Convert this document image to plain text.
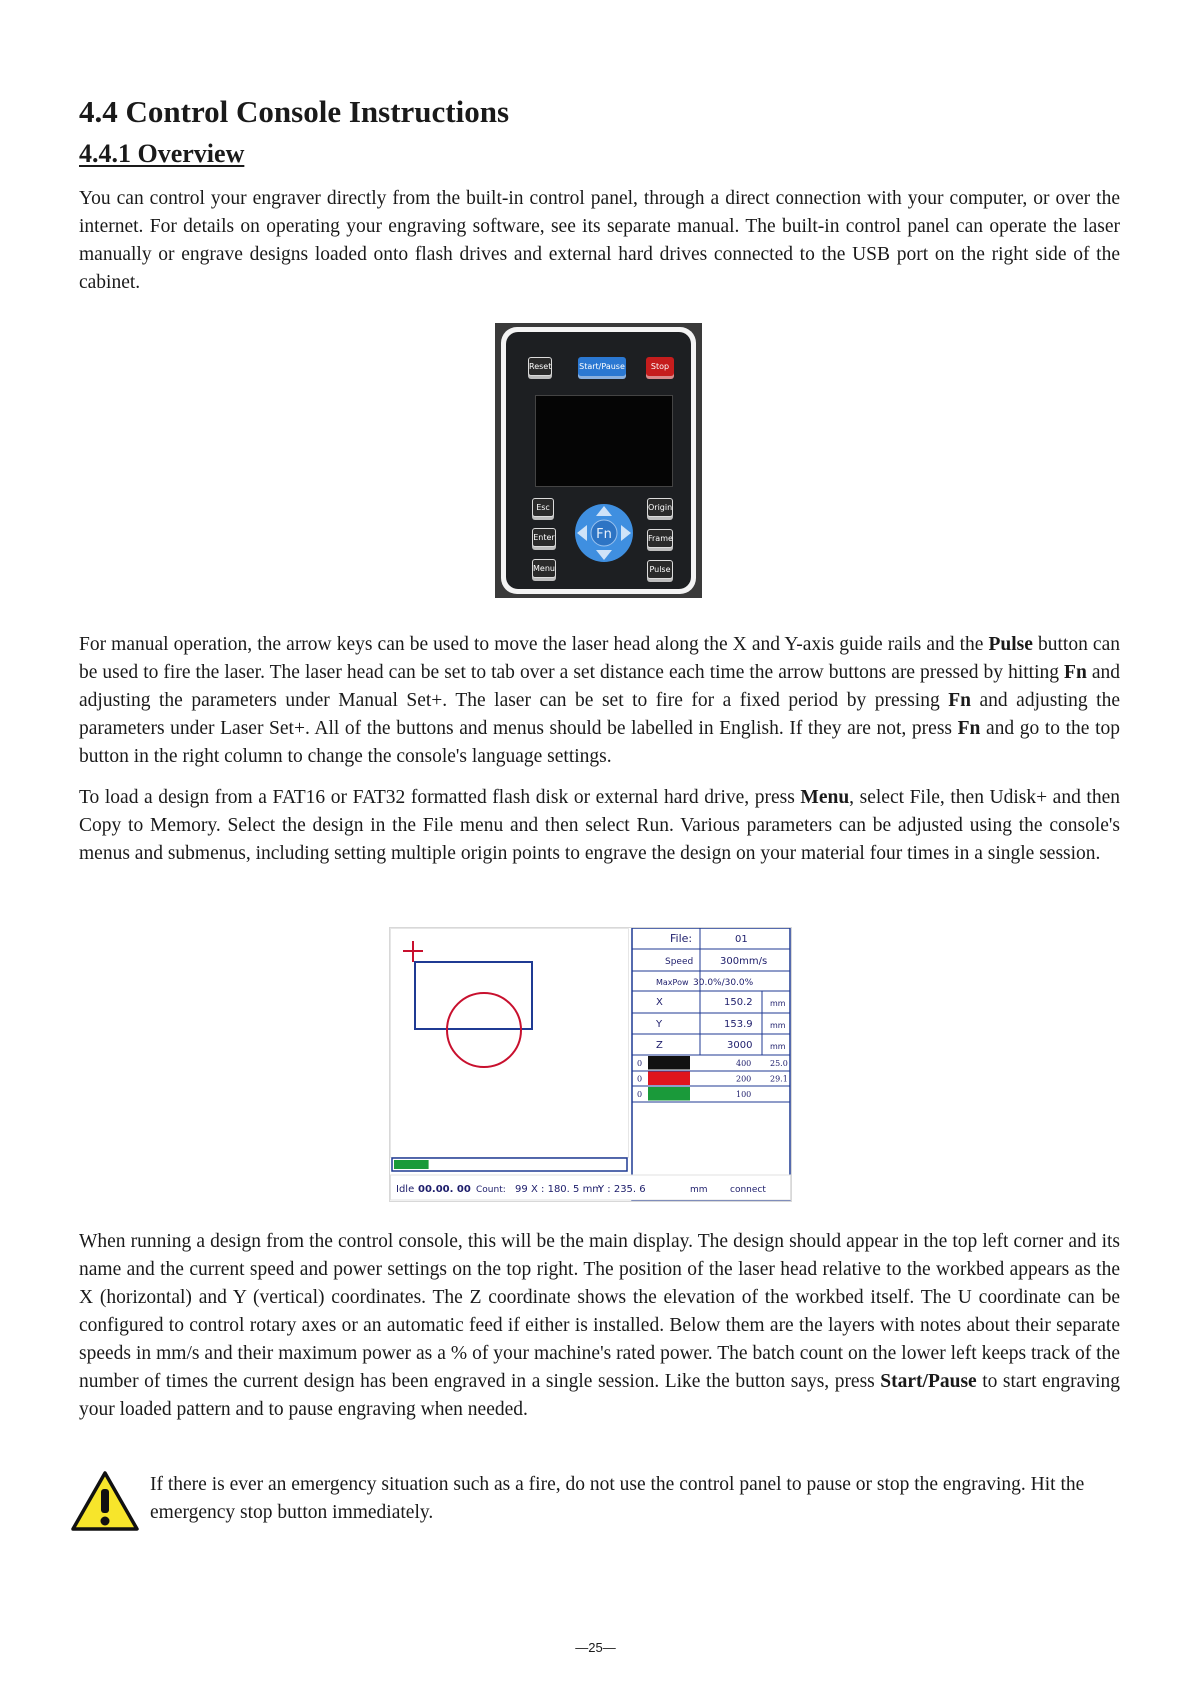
4.4 Control Console Instructions
4.4.1 Overview

You can control your engraver directly from the built-in control panel, through a direct connection with your computer, or over the internet. For details on operating your engraving software, see its separate manual. The built-in control panel can operate the laser manually or engrave designs loaded onto flash drives and external hard drives connected to the USB port on the right side of the cabinet.

Reset	Start/Pause	Stop
Esc
Enter
Menu
Origin
Frame
Pulse
Fn

For manual operation, the arrow keys can be used to move the laser head along the X and Y-axis guide rails and the Pulse button can be used to fire the laser. The laser head can be set to tab over a set distance each time the arrow buttons are pressed by hitting Fn and adjusting the parameters under Manual Set+. The laser can be set to fire for a fixed period by pressing Fn and adjusting the parameters under Laser Set+. All of the buttons and menus should be labelled in English. If they are not, press Fn and go to the top button in the right column to change the console's language settings.

To load a design from a FAT16 or FAT32 formatted flash disk or external hard drive, press Menu, select File, then Udisk+ and then Copy to Memory. Select the design in the File menu and then select Run. Various parameters can be adjusted using the console's menus and submenus, including setting multiple origin points to engrave the design on your material four times in a single session.

File:	01
Speed	300mm/s
MaxPow 30.0%/30.0%
X	150.2 mm
Y	153.9 mm
Z	3000 mm
0	400 25.0
0	200 29.1
0	100
Idle 00.00. 00 Count: 99 X : 180. 5 mm
Y : 235. 6	mm connect

When running a design from the control console, this will be the main display. The design should appear in the top left corner and its name and the current speed and power settings on the top right. The position of the laser head relative to the workbed appears as the X (horizontal) and Y (vertical) coordinates. The Z coordinate shows the elevation of the workbed itself. The U coordinate can be configured to control rotary axes or an automatic feed if either is installed. Below them are the layers with notes about their separate speeds in mm/s and their maximum power as a % of your machine's rated power. The batch count on the lower left keeps track of the number of times the current design has been engraved in a single session. Like the button says, press Start/Pause to start engraving your loaded pattern and to pause engraving when needed.

If there is ever an emergency situation such as a fire, do not use the control panel to pause or stop the engraving. Hit the emergency stop button immediately.

—25—
